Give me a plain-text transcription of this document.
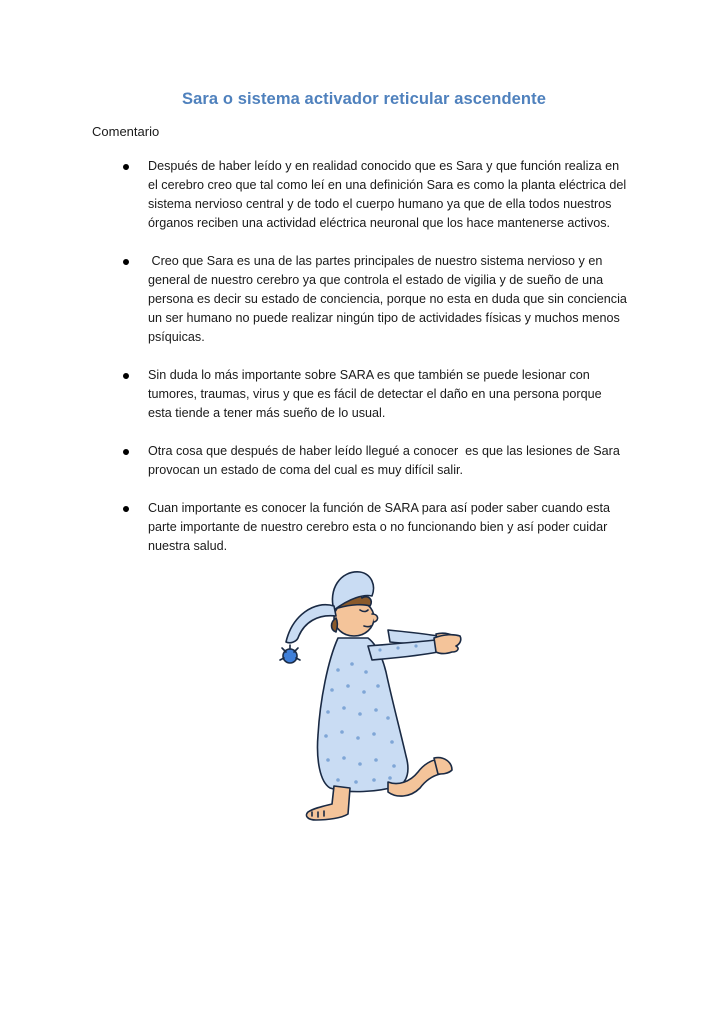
Sara o sistema activador reticular ascendente
Comentario
Después de haber leído y en realidad conocido que es Sara y que función realiza en el cerebro creo que tal como leí en una definición Sara es como la planta eléctrica del sistema nervioso central y de todo el cuerpo humano ya que de ella todos nuestros órganos reciben una actividad eléctrica neuronal que los hace mantenerse activos.
Creo que Sara es una de las partes principales de nuestro sistema nervioso y en general de nuestro cerebro ya que controla el estado de vigilia y de sueño de una persona es decir su estado de conciencia, porque no esta en duda que sin conciencia un ser humano no puede realizar ningún tipo de actividades físicas y muchos menos psíquicas.
Sin duda lo más importante sobre SARA es que también se puede lesionar con tumores, traumas, virus y que es fácil de detectar el daño en una persona porque esta tiende a tener más sueño de lo usual.
Otra cosa que después de haber leído llegué a conocer  es que las lesiones de Sara provocan un estado de coma del cual es muy difícil salir.
Cuan importante es conocer la función de SARA para así poder saber cuando esta parte importante de nuestro cerebro esta o no funcionando bien y así poder cuidar nuestra salud.
